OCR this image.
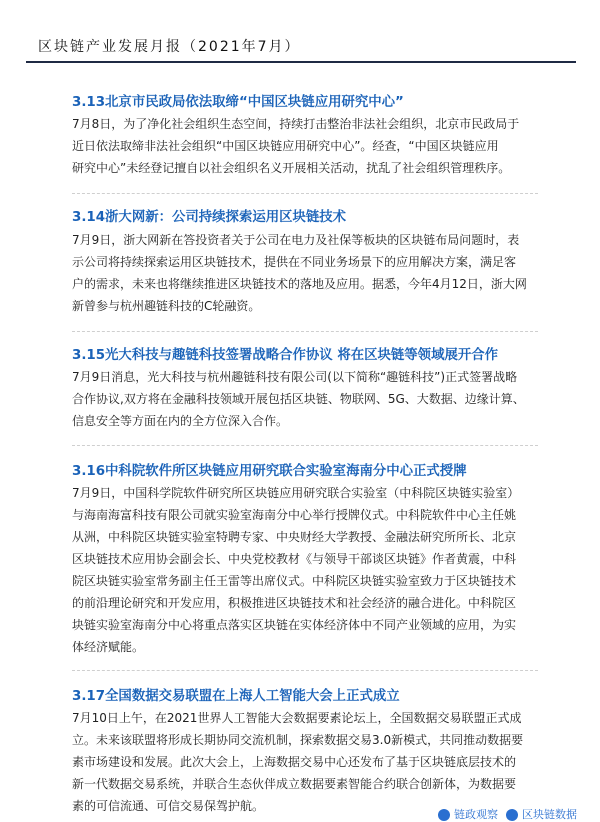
区块链产业发展月报（2021年7月）
3.13北京市民政局依法取缔“中国区块链应用研究中心”
7月8日，为了净化社会组织生态空间，持续打击整治非法社会组织，北京市民政局于
近日依法取缔非法社会组织“中国区块链应用研究中心”。经查，“中国区块链应用
研究中心”未经登记擅自以社会组织名义开展相关活动，扰乱了社会组织管理秩序。
3.14浙大网新：公司持续探索运用区块链技术
7月9日，浙大网新在答投资者关于公司在电力及社保等板块的区块链布局问题时，表
示公司将持续探索运用区块链技术，提供在不同业务场景下的应用解决方案，满足客
户的需求，未来也将继续推进区块链技术的落地及应用。据悉，今年4月12日，浙大网
新曾参与杭州趣链科技的C轮融资。
3.15光大科技与趣链科技签署战略合作协议 将在区块链等领域展开合作
7月9日消息，光大科技与杭州趣链科技有限公司(以下简称“趣链科技”)正式签署战略
合作协议,双方将在金融科技领域开展包括区块链、物联网、5G、大数据、边缘计算、
信息安全等方面在内的全方位深入合作。
3.16中科院软件所区块链应用研究联合实验室海南分中心正式授牌
7月9日，中国科学院软件研究所区块链应用研究联合实验室（中科院区块链实验室）
与海南海富科技有限公司就实验室海南分中心举行授牌仪式。中科院软件中心主任姚
从洲，中科院区块链实验室特聘专家、中央财经大学教授、金融法研究所所长、北京
区块链技术应用协会副会长、中央党校教材《与领导干部谈区块链》作者黄震，中科
院区块链实验室常务副主任王雷等出席仪式。中科院区块链实验室致力于区块链技术
的前沿理论研究和开发应用，积极推进区块链技术和社会经济的融合进化。中科院区
块链实验室海南分中心将重点落实区块链在实体经济体中不同产业领域的应用，为实
体经济赋能。
3.17全国数据交易联盟在上海人工智能大会上正式成立
7月10日上午，在2021世界人工智能大会数据要素论坛上，全国数据交易联盟正式成
立。未来该联盟将形成长期协同交流机制，探索数据交易3.0新模式，共同推动数据要
素市场建设和发展。此次大会上，上海数据交易中心还发布了基于区块链底层技术的
新一代数据交易系统，并联合生态伙伴成立数据要素智能合约联合创新体，为数据要
素的可信流通、可信交易保驾护航。
链政观察	区块链数据
